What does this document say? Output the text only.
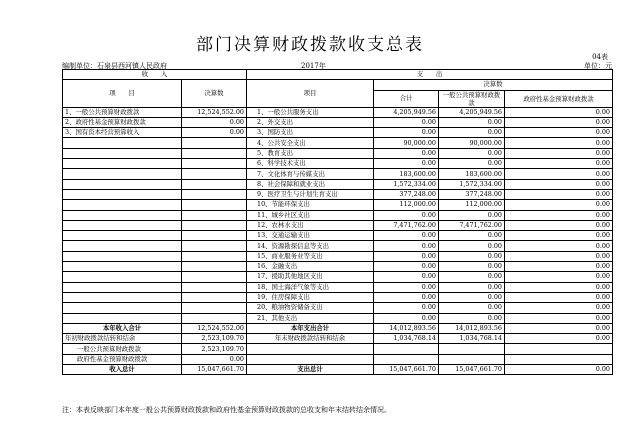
部门决算财政拨款收支总表
04表
编制单位：石泉县西河镇人民政府	2017年	单位：元
收　　入		支　　出			
项　　目	决算数	项目	决算数		
			合计	一般公共预算财政拨款	政府性基金预算财政拨款

1、一般公共预算财政拨款	12,524,552.00	1、一般公共服务支出	4,205,949.56	4,205,949.56	0.00
2、政府性基金预算财政拨款	0.00	2、外交支出	0.00	0.00	0.00
3、国有资本经营预算收入	0.00	3、国防支出	0.00	0.00	0.00
		4、公共安全支出	90,000.00	90,000.00	0.00
		5、教育支出	0.00	0.00	0.00
		6、科学技术支出	0.00	0.00	0.00
		7、文化体育与传媒支出	183,600.00	183,600.00	0.00
		8、社会保障和就业支出	1,572,334.00	1,572,334.00	0.00
		9、医疗卫生与计划生育支出	377,248.00	377,248.00	0.00
		10、节能环保支出	112,000.00	112,000.00	0.00
		11、城乡社区支出	0.00	0.00	0.00
		12、农林水支出	7,471,762.00	7,471,762.00	0.00
		13、交通运输支出	0.00	0.00	0.00
		14、资源勘探信息等支出	0.00	0.00	0.00
		15、商业服务业等支出	0.00	0.00	0.00
		16、金融支出	0.00	0.00	0.00
		17、援助其他地区支出	0.00	0.00	0.00
		18、国土海洋气象等支出	0.00	0.00	0.00
		19、住房保障支出	0.00	0.00	0.00
		20、粮油物资储备支出	0.00	0.00	0.00
		21、其他支出	0.00	0.00	0.00
本年收入合计	12,524,552.00	本年支出合计	14,012,893.56	14,012,893.56	0.00
年初财政拨款结转和结余	2,523,109.70	年末财政拨款结转和结余	1,034,768.14	1,034,768.14	0.00
一般公共预算财政拨款	2,523,109.70				
政府性基金预算财政拨款	0.00				
收入总计	15,047,661.70	支出总计	15,047,661.70	15,047,661.70	0.00
注：本表反映部门本年度一般公共预算财政拨款和政府性基金预算财政拨款的总收支和年末结转结余情况。
